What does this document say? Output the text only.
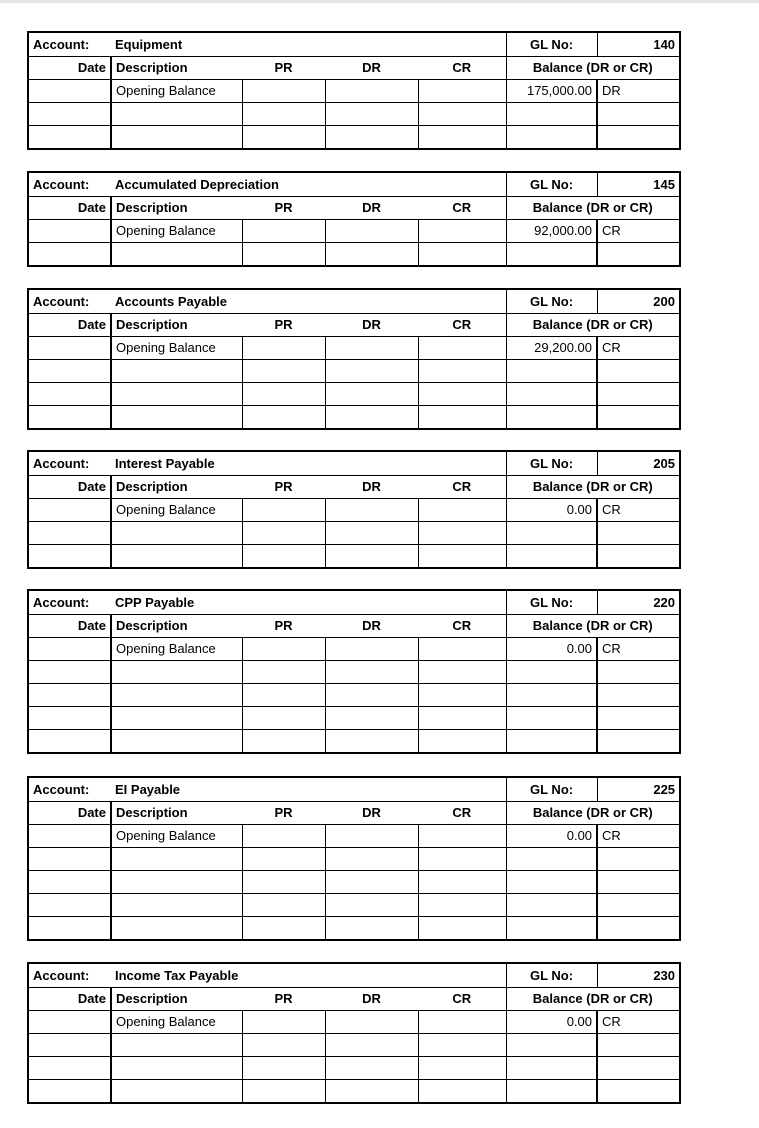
Account:	Equipment				GL No:	140
Date	Description	PR	DR	CR	Balance (DR or CR)	
	Opening Balance				175,000.00	DR

Account:	Accumulated Depreciation				GL No:	145
Date	Description	PR	DR	CR	Balance (DR or CR)	
	Opening Balance				92,000.00	CR

Account:	Accounts Payable				GL No:	200
Date	Description	PR	DR	CR	Balance (DR or CR)	
	Opening Balance				29,200.00	CR

Account:	Interest Payable				GL No:	205
Date	Description	PR	DR	CR	Balance (DR or CR)	
	Opening Balance				0.00	CR

Account:	CPP Payable				GL No:	220
Date	Description	PR	DR	CR	Balance (DR or CR)	
	Opening Balance				0.00	CR

Account:	EI Payable				GL No:	225
Date	Description	PR	DR	CR	Balance (DR or CR)	
	Opening Balance				0.00	CR

Account:	Income Tax Payable				GL No:	230
Date	Description	PR	DR	CR	Balance (DR or CR)	
	Opening Balance				0.00	CR
